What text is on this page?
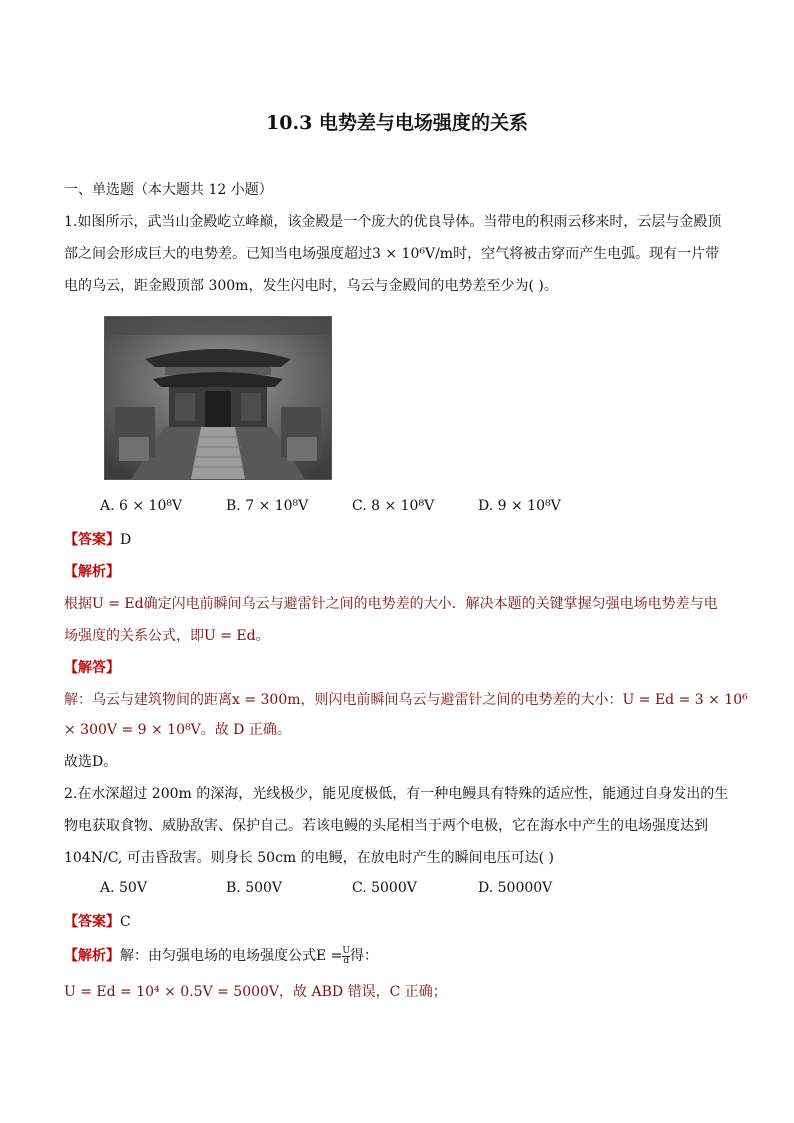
10.3 电势差与电场强度的关系
一、单选题（本大题共 12 小题）
1.如图所示，武当山金殿屹立峰巅，该金殿是一个庞大的优良导体。当带电的积雨云移来时，云层与金殿顶
部之间会形成巨大的电势差。已知当电场强度超过3 × 10⁶V/m时，空气将被击穿而产生电弧。现有一片带
电的乌云，距金殿顶部 300m，发生闪电时，乌云与金殿间的电势差至少为( )。
A. 6 × 10⁸V	B. 7 × 10⁸V	C. 8 × 10⁸V	D. 9 × 10⁸V
【答案】D
【解析】
根据U = Ed确定闪电前瞬间乌云与避雷针之间的电势差的大小．解决本题的关键掌握匀强电场电势差与电
场强度的关系公式，即U = Ed。
【解答】
解：乌云与建筑物间的距离x = 300m，则闪电前瞬间乌云与避雷针之间的电势差的大小：U = Ed = 3 × 10⁶
× 300V = 9 × 10⁸V。故 D 正确。
故选D。
2.在水深超过 200m 的深海，光线极少，能见度极低，有一种电鳗具有特殊的适应性，能通过自身发出的生
物电获取食物、威胁敌害、保护自己。若该电鳗的头尾相当于两个电极，它在海水中产生的电场强度达到
104N/C, 可击昏敌害。则身长 50cm 的电鳗，在放电时产生的瞬间电压可达( )
A. 50V	B. 500V	C. 5000V	D. 50000V
【答案】C
【解析】解：由匀强电场的电场强度公式$E = \frac{U}{d}$ 得：
U = Ed = 10⁴ × 0.5V = 5000V，故 ABD 错误，C 正确；
